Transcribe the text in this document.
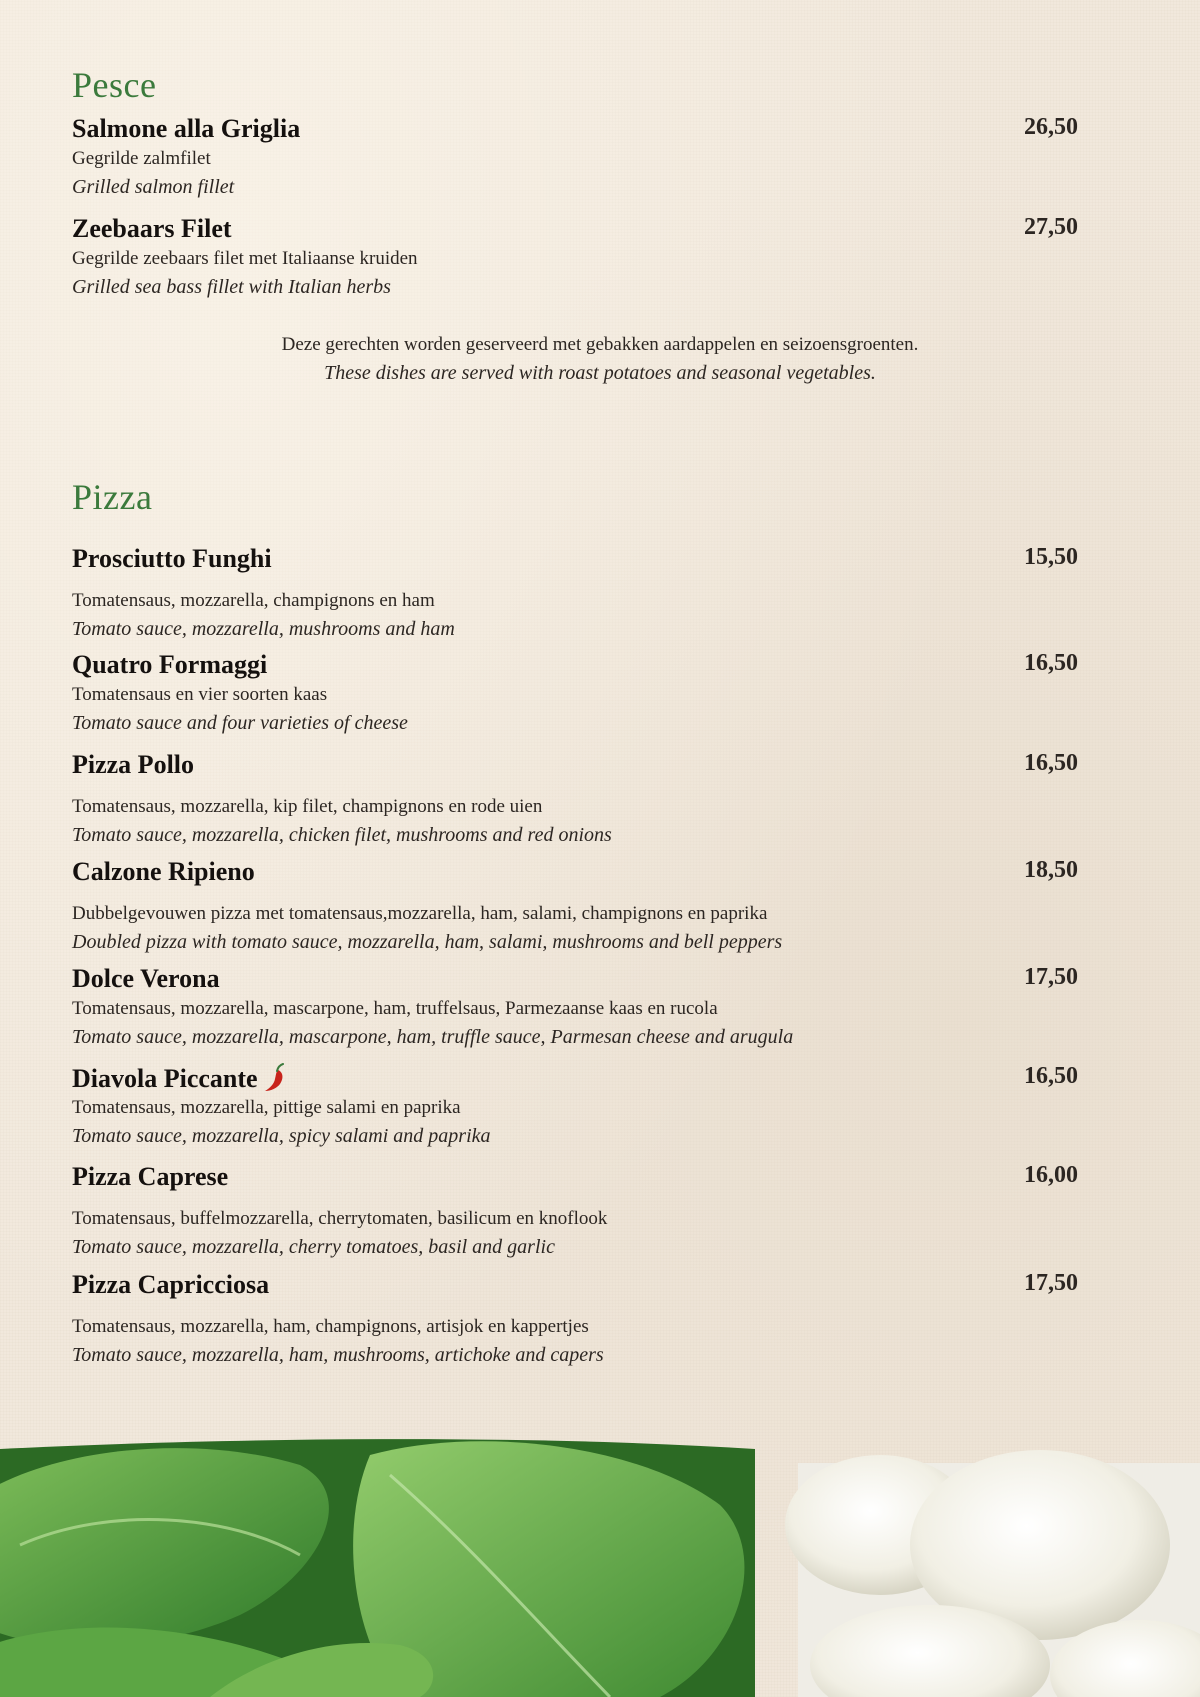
Pesce
Salmone alla Griglia	26,50
Gegrilde zalmfilet
Grilled salmon fillet
Zeebaars Filet	27,50
Gegrilde zeebaars filet met Italiaanse kruiden
Grilled sea bass fillet with Italian herbs
Deze gerechten worden geserveerd met gebakken aardappelen en seizoensgroenten.
These dishes are served with roast potatoes and seasonal vegetables.
Pizza
Prosciutto Funghi	15,50
Tomatensaus, mozzarella, champignons en ham
Tomato sauce, mozzarella, mushrooms and ham
Quatro Formaggi	16,50
Tomatensaus en vier soorten kaas
Tomato sauce and four varieties of cheese
Pizza Pollo	16,50
Tomatensaus, mozzarella, kip filet, champignons en rode uien
Tomato sauce, mozzarella, chicken filet, mushrooms and red onions
Calzone Ripieno	18,50
Dubbelgevouwen pizza met tomatensaus,mozzarella, ham, salami, champignons en paprika
Doubled pizza with tomato sauce, mozzarella, ham, salami, mushrooms and bell peppers
Dolce Verona	17,50
Tomatensaus, mozzarella, mascarpone, ham, truffelsaus, Parmezaanse kaas en rucola
Tomato sauce, mozzarella, mascarpone, ham, truffle sauce, Parmesan cheese and arugula
Diavola Piccante	16,50
Tomatensaus, mozzarella, pittige salami en paprika
Tomato sauce, mozzarella, spicy salami and paprika
Pizza Caprese	16,00
Tomatensaus, buffelmozzarella, cherrytomaten, basilicum en knoflook
Tomato sauce, mozzarella, cherry tomatoes, basil and garlic
Pizza Capricciosa	17,50
Tomatensaus, mozzarella, ham, champignons, artisjok en kappertjes
Tomato sauce, mozzarella, ham, mushrooms, artichoke and capers
